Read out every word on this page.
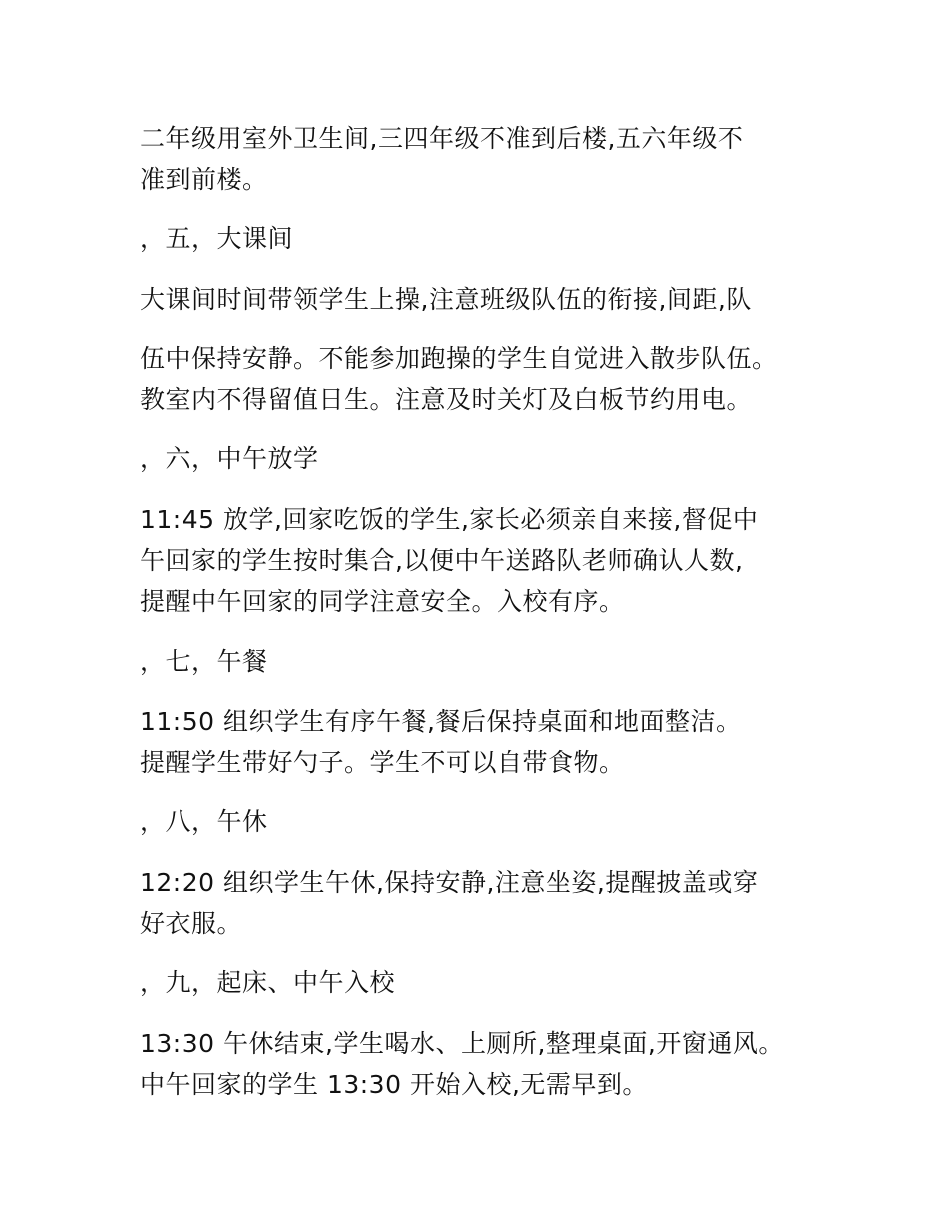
二年级用室外卫生间,三四年级不准到后楼,五六年级不
准到前楼。
，五，大课间
大课间时间带领学生上操,注意班级队伍的衔接,间距,队
伍中保持安静。不能参加跑操的学生自觉进入散步队伍。
教室内不得留值日生。注意及时关灯及白板节约用电。
，六，中午放学
11:45 放学,回家吃饭的学生,家长必须亲自来接,督促中
午回家的学生按时集合,以便中午送路队老师确认人数,
提醒中午回家的同学注意安全。入校有序。
，七，午餐
11:50 组织学生有序午餐,餐后保持桌面和地面整洁。
提醒学生带好勺子。学生不可以自带食物。
，八，午休
12:20 组织学生午休,保持安静,注意坐姿,提醒披盖或穿
好衣服。
，九，起床、中午入校
13:30 午休结束,学生喝水、上厕所,整理桌面,开窗通风。
中午回家的学生 13:30 开始入校,无需早到。
